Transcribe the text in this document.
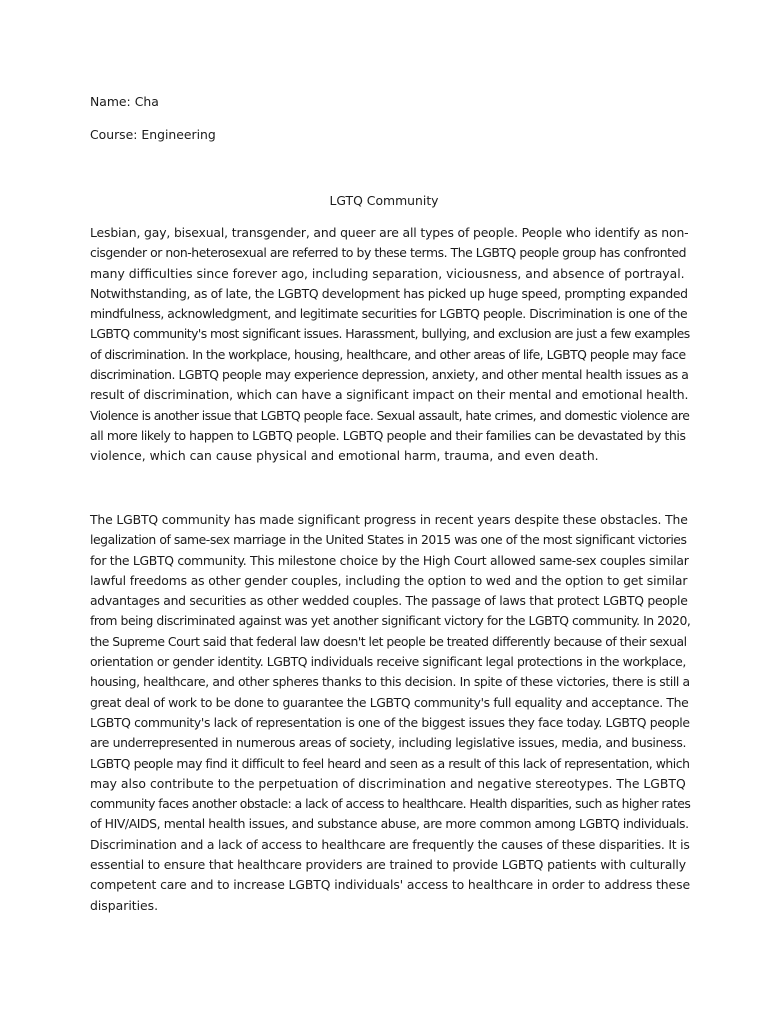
Name: Cha
Course: Engineering
LGTQ Community
Lesbian, gay, bisexual, transgender, and queer are all types of people. People who identify as non-
cisgender or non-heterosexual are referred to by these terms. The LGBTQ people group has confronted
many difficulties since forever ago, including separation, viciousness, and absence of portrayal.
Notwithstanding, as of late, the LGBTQ development has picked up huge speed, prompting expanded
mindfulness, acknowledgment, and legitimate securities for LGBTQ people. Discrimination is one of the
LGBTQ community's most significant issues. Harassment, bullying, and exclusion are just a few examples
of discrimination. In the workplace, housing, healthcare, and other areas of life, LGBTQ people may face
discrimination. LGBTQ people may experience depression, anxiety, and other mental health issues as a
result of discrimination, which can have a significant impact on their mental and emotional health.
Violence is another issue that LGBTQ people face. Sexual assault, hate crimes, and domestic violence are
all more likely to happen to LGBTQ people. LGBTQ people and their families can be devastated by this
violence, which can cause physical and emotional harm, trauma, and even death.
The LGBTQ community has made significant progress in recent years despite these obstacles. The
legalization of same-sex marriage in the United States in 2015 was one of the most significant victories
for the LGBTQ community. This milestone choice by the High Court allowed same-sex couples similar
lawful freedoms as other gender couples, including the option to wed and the option to get similar
advantages and securities as other wedded couples. The passage of laws that protect LGBTQ people
from being discriminated against was yet another significant victory for the LGBTQ community. In 2020,
the Supreme Court said that federal law doesn't let people be treated differently because of their sexual
orientation or gender identity. LGBTQ individuals receive significant legal protections in the workplace,
housing, healthcare, and other spheres thanks to this decision. In spite of these victories, there is still a
great deal of work to be done to guarantee the LGBTQ community's full equality and acceptance. The
LGBTQ community's lack of representation is one of the biggest issues they face today. LGBTQ people
are underrepresented in numerous areas of society, including legislative issues, media, and business.
LGBTQ people may find it difficult to feel heard and seen as a result of this lack of representation, which
may also contribute to the perpetuation of discrimination and negative stereotypes. The LGBTQ
community faces another obstacle: a lack of access to healthcare. Health disparities, such as higher rates
of HIV/AIDS, mental health issues, and substance abuse, are more common among LGBTQ individuals.
Discrimination and a lack of access to healthcare are frequently the causes of these disparities. It is
essential to ensure that healthcare providers are trained to provide LGBTQ patients with culturally
competent care and to increase LGBTQ individuals' access to healthcare in order to address these
disparities.
